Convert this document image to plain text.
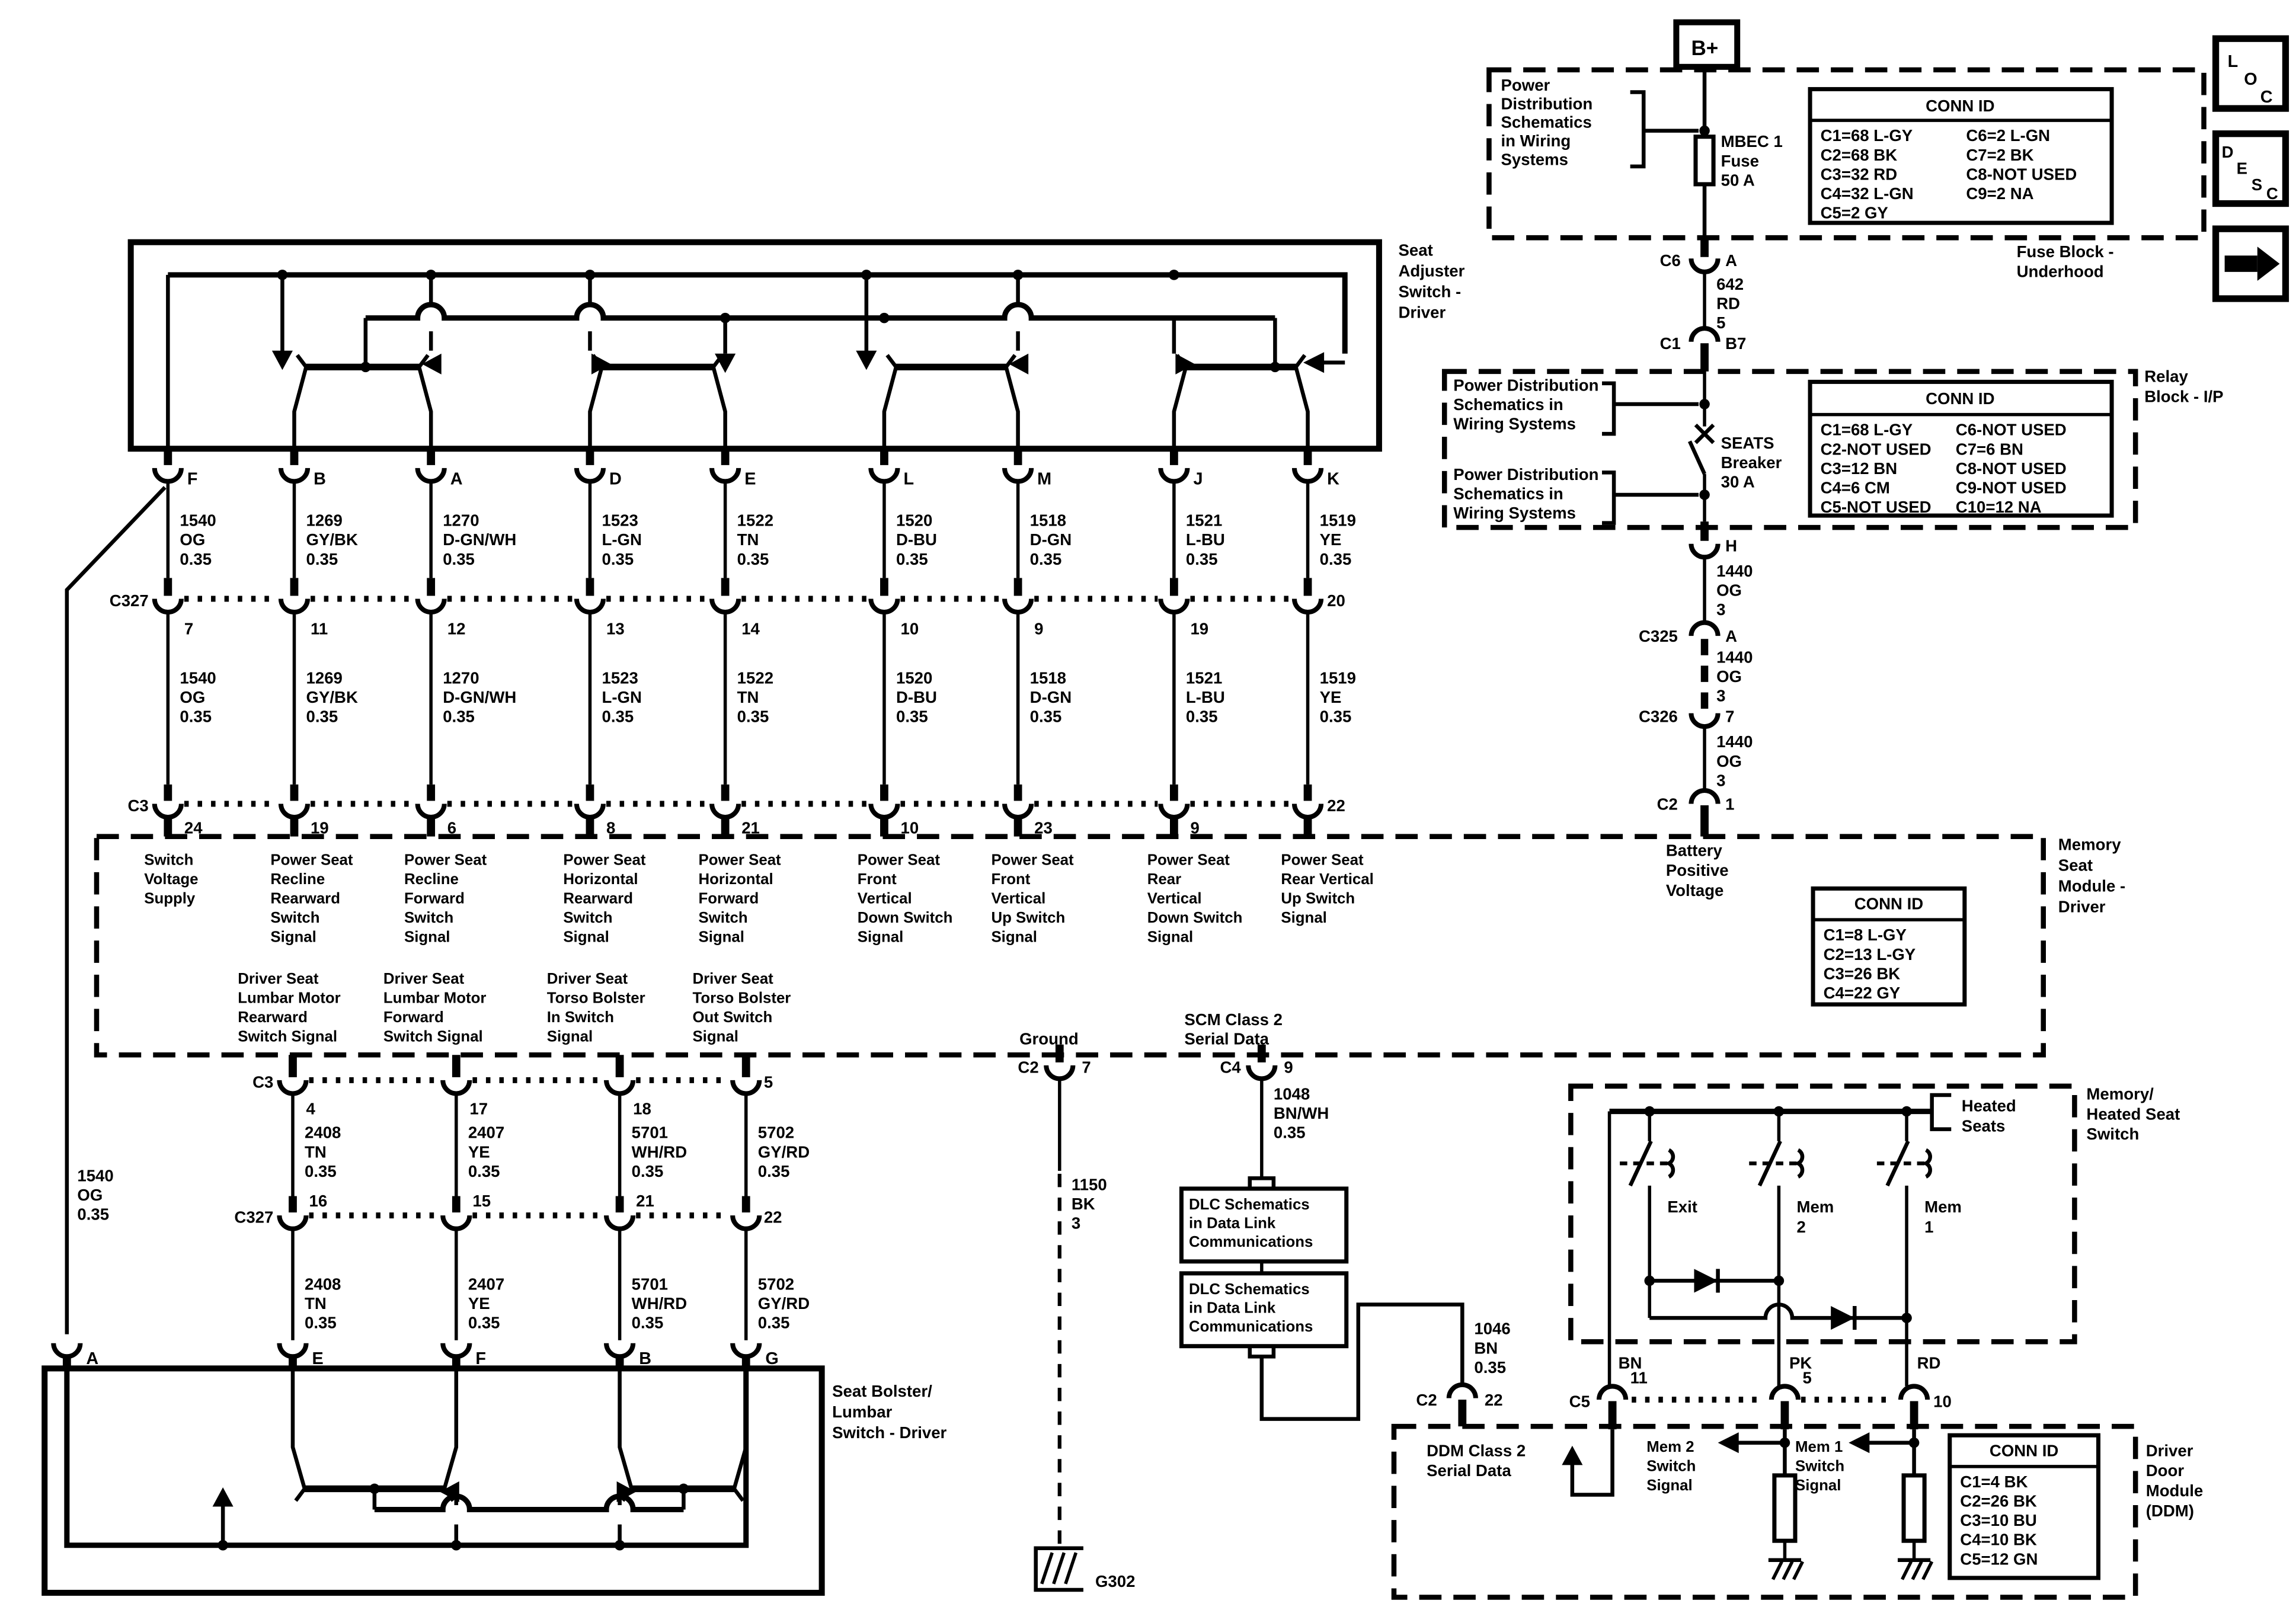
L
O
C
D
E
S C
B+
Power Distribution Schematics in Wiring Systems
MBEC 1 Fuse 50 A
CONN ID
C1=68 L-GY C2=68 BK C3=32 RD C4=32 L-GN C5=2 GY
C6=2 L-GN C7=2 BK C8-NOT USED C9=2 NA
Fuse Block -Underhood
C6	A
642 RD 5
C1	B7
Power Distribution Schematics in Wiring Systems
Power Distribution Schematics in Wiring Systems
SEATS Breaker 30 A
CONN ID
C1=68 L-GY C2-NOT USED C3=12 BN C4=6 CM C5-NOT USED
C6-NOT USED C7=6 BN C8-NOT USED C9-NOT USED C10=12 NA
Relay Block - I/P
H
1440 OG 3
C325	A
1440 OG 3
C326	7
1440 OG 3
C2	1
Seat Adjuster Switch -Driver
C327
C3
F	B	A	D	E	L	M	J	K
1540 OG 0.35
1269 GY/BK 0.35
1270 D-GN/WH 0.35
1523 L-GN 0.35
1522 TN 0.35
1520 D-BU 0.35
1518 D-GN 0.35
1521 L-BU 0.35
1519 YE 0.35
7	11	12	13	14	10	9	19
20
1540 OG 0.35
1269 GY/BK 0.35
1270 D-GN/WH 0.35
1523 L-GN 0.35
1522 TN 0.35
1520 D-BU 0.35
1518 D-GN 0.35
1521 L-BU 0.35
1519 YE 0.35
24	19	6	8	21	10	23	9
22
1540 OG 0.35
Memory Seat Module -Driver
Battery Positive Voltage
CONN ID
C1=8 L-GY C2=13 L-GY C3=26 BK C4=22 GY
Switch Voltage Supply
Power Seat Recline Rearward Switch Signal
Power Seat Recline Forward Switch Signal
Power Seat Horizontal Rearward Switch Signal
Power Seat Horizontal Forward Switch Signal
Power Seat Front Vertical Down Switch Signal
Power Seat Front Vertical Up Switch Signal
Power Seat Rear Vertical Down Switch Signal
Power Seat Rear Vertical Up Switch Signal
Driver Seat Lumbar Motor Rearward Switch Signal
Driver Seat Lumbar Motor Forward Switch Signal
Driver Seat Torso Bolster In Switch Signal
Driver Seat Torso Bolster Out Switch Signal	Ground
SCM Class 2 Serial Data
C2	7
1150 BK 3
G302
C4	9
1048 BN/WH 0.35
DLC Schematics in Data Link Communications
DLC Schematics in Data Link Communications	1046 BN 0.35
C2	22
C3
4	17	18
5
2408 TN 0.35
2407 YE 0.35
5701 WH/RD 0.35
5702 GY/RD 0.35
C327
16	15	21
22
2408 TN 0.35
2407 YE 0.35
5701 WH/RD 0.35
5702 GY/RD 0.35
A	E	F	B	G
Seat Bolster/ Lumbar Switch - Driver
Memory/ Heated Seat Switch
Heated Seats
Exit	Mem 2
Mem 1
BN	PK	RD
Driver Door Module (DDM)
C5
11	5
10
DDM Class 2 Serial Data
Mem 2 Switch Signal
Mem 1 Switch Signal
CONN ID
C1=4 BK C2=26 BK C3=10 BU C4=10 BK C5=12 GN
